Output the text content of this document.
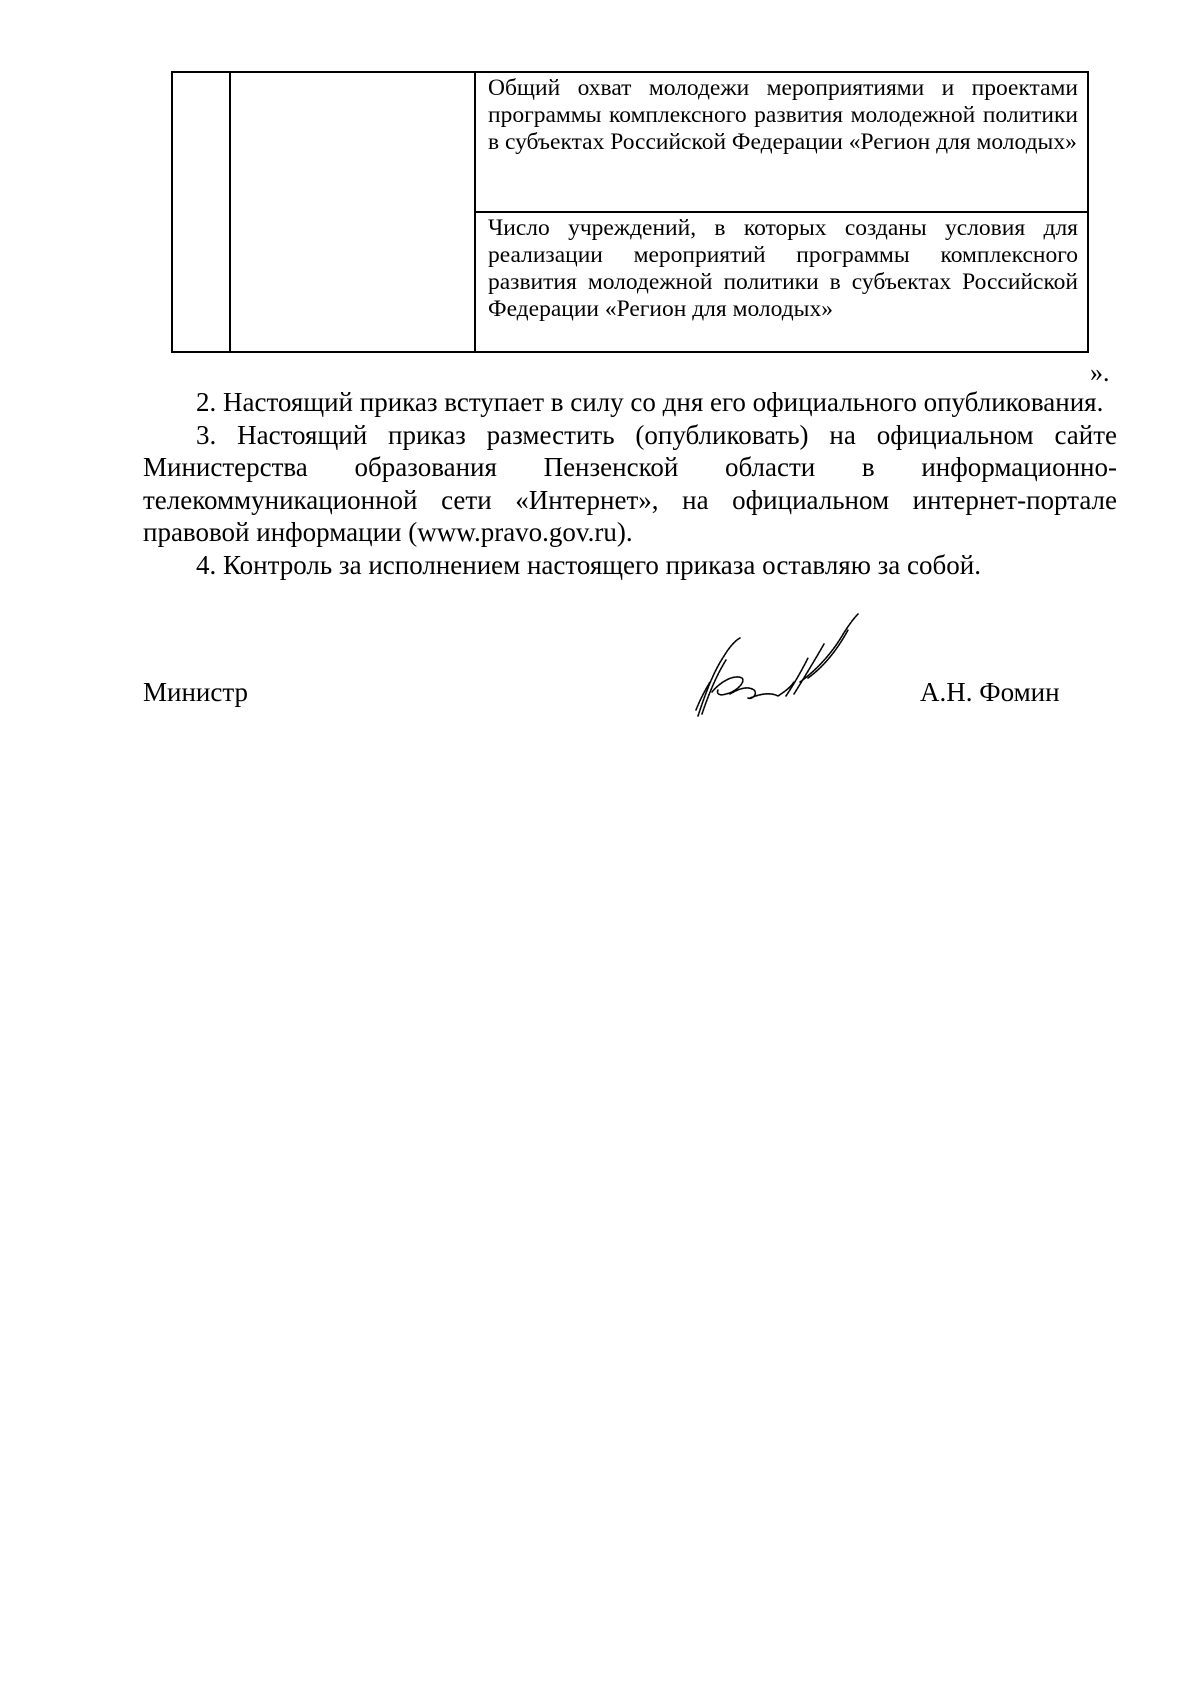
Общий охват молодежи мероприятиями и проектами программы комплексного развития молодежной политики в субъектах Российской Федерации «Регион для молодых»
Число учреждений, в которых созданы условия для реализации мероприятий программы комплексного развития молодежной политики в субъектах Российской Федерации «Регион для молодых»
».

2. Настоящий приказ вступает в силу со дня его официального опубликования.

3. Настоящий приказ разместить (опубликовать) на официальном сайте Министерства образования Пензенской области в информационно-телекоммуникационной сети «Интернет», на официальном интернет-портале правовой информации (www.pravo.gov.ru).

4. Контроль за исполнением настоящего приказа оставляю за собой.

Министр	А.Н. Фомин
